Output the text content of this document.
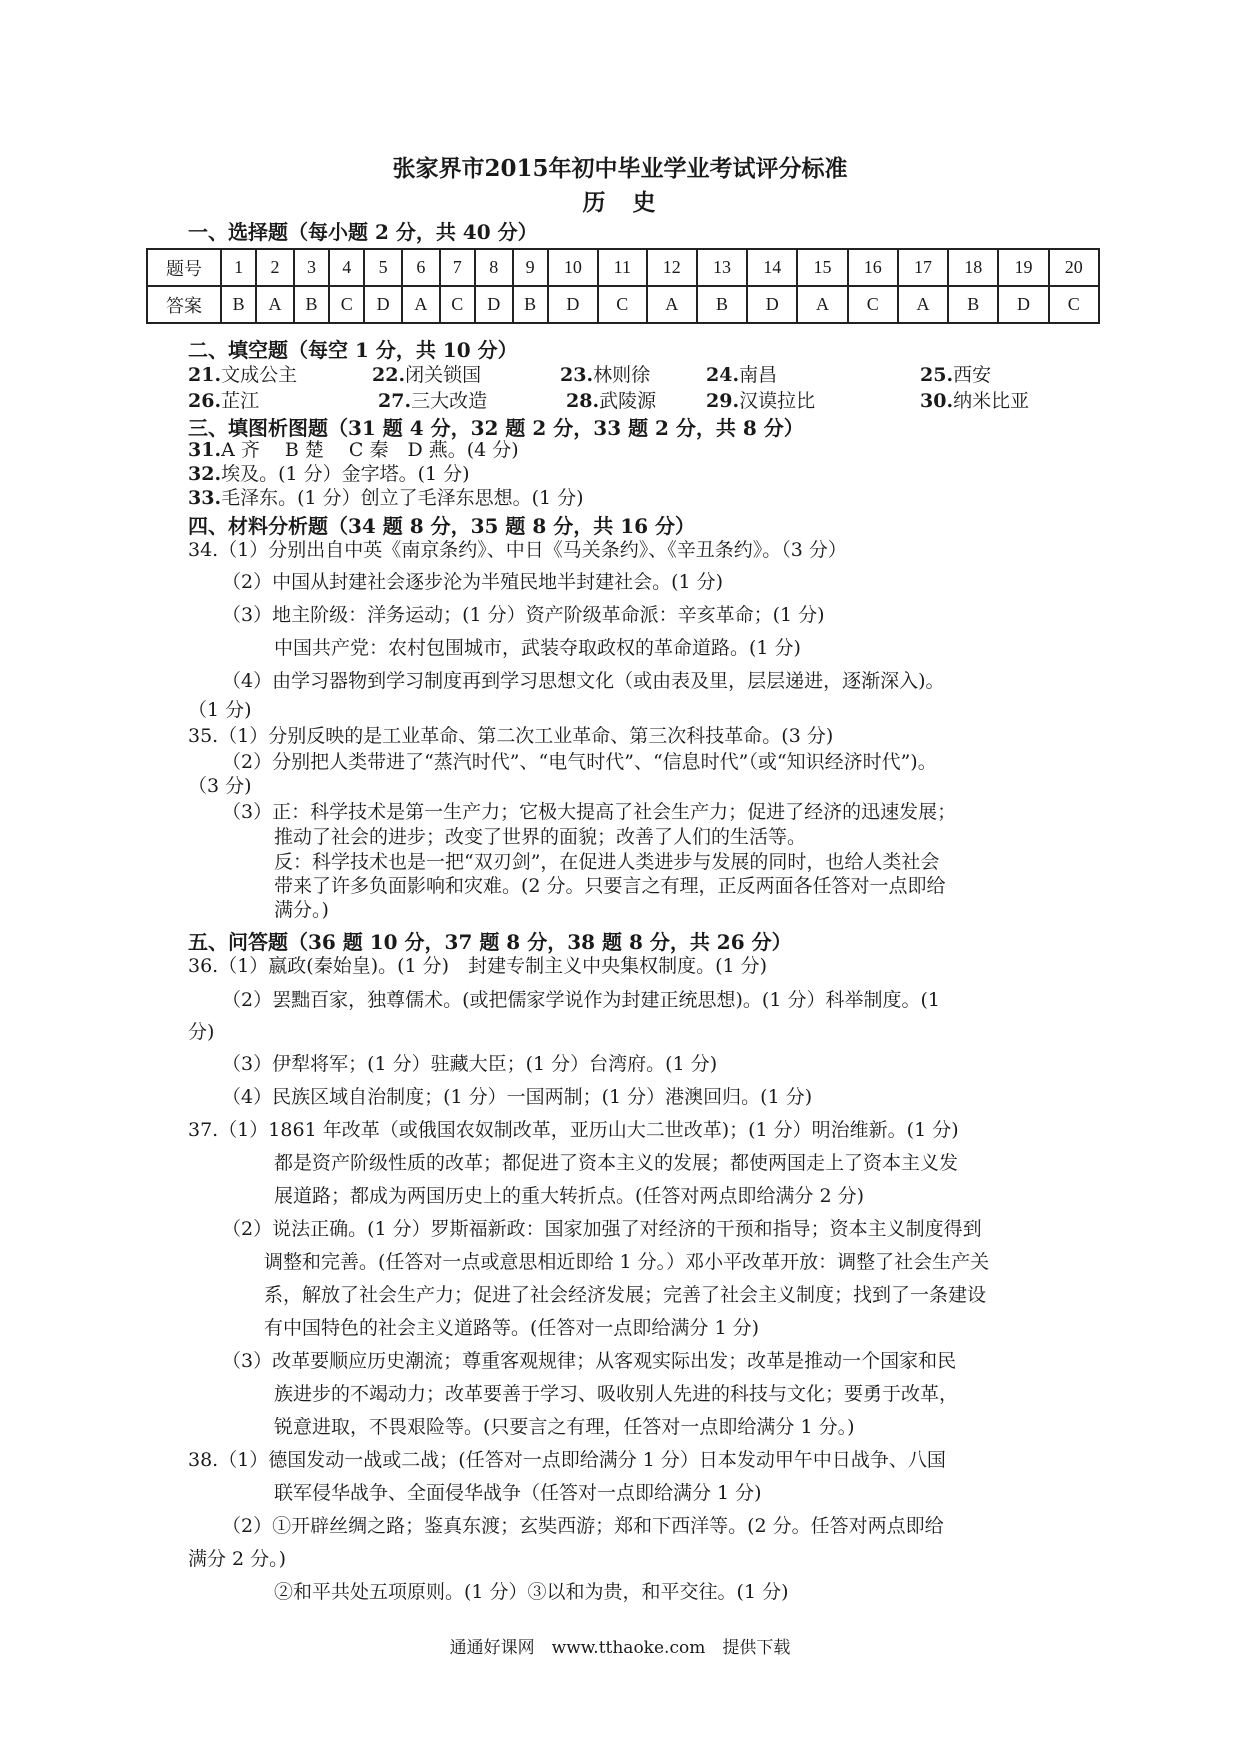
张家界市2015年初中毕业学业考试评分标准
历　史
一、选择题（每小题 2 分，共 40 分）
题号	1	2	3	4	5	6	7	8	9	10	11	12	13	14	15	16	17	18	19	20
答案	B	A	B	C	D	A	C	D	B	D	C	A	B	D	A	C	A	B	D	C
二、填空题（每空 1 分，共 10 分）
21.文成公主	22.闭关锁国	23.林则徐	24.南昌	25.西安
26.芷江	27.三大改造	28.武陵源	29.汉谟拉比	30.纳米比亚
三、填图析图题（31 题 4 分，32 题 2 分，33 题 2 分，共 8 分）
31.A 齐　 B 楚　 C 秦　D 燕。(4 分)
32.埃及。(1 分）金字塔。(1 分)
33.毛泽东。(1 分）创立了毛泽东思想。(1 分)
四、材料分析题（34 题 8 分，35 题 8 分，共 16 分）
34.（1）分别出自中英《南京条约》、中日《马关条约》、《辛丑条约》。（3 分）
（2）中国从封建社会逐步沦为半殖民地半封建社会。(1 分)
（3）地主阶级：洋务运动；(1 分）资产阶级革命派：辛亥革命；(1 分)
中国共产党：农村包围城市，武装夺取政权的革命道路。(1 分)
（4）由学习器物到学习制度再到学习思想文化（或由表及里，层层递进，逐渐深入)。
（1 分)
35.（1）分别反映的是工业革命、第二次工业革命、第三次科技革命。(3 分)
（2）分别把人类带进了“蒸汽时代”、“电气时代”、“信息时代”（或“知识经济时代”)。
（3 分)
（3）正：科学技术是第一生产力；它极大提高了社会生产力；促进了经济的迅速发展；
推动了社会的进步；改变了世界的面貌；改善了人们的生活等。
反：科学技术也是一把“双刃剑”，在促进人类进步与发展的同时，也给人类社会
带来了许多负面影响和灾难。(2 分。只要言之有理，正反两面各任答对一点即给
满分。)
五、问答题（36 题 10 分，37 题 8 分，38 题 8 分，共 26 分）
36.（1）嬴政(秦始皇)。(1 分)　封建专制主义中央集权制度。(1 分)
（2）罢黜百家，独尊儒术。(或把儒家学说作为封建正统思想)。(1 分）科举制度。(1
分)
（3）伊犁将军；(1 分）驻藏大臣；(1 分）台湾府。(1 分)
（4）民族区域自治制度；(1 分）一国两制；(1 分）港澳回归。(1 分)
37.（1）1861 年改革（或俄国农奴制改革，亚历山大二世改革)；(1 分）明治维新。(1 分)
都是资产阶级性质的改革；都促进了资本主义的发展；都使两国走上了资本主义发
展道路；都成为两国历史上的重大转折点。(任答对两点即给满分 2 分)
（2）说法正确。(1 分）罗斯福新政：国家加强了对经济的干预和指导；资本主义制度得到
调整和完善。(任答对一点或意思相近即给 1 分。）邓小平改革开放：调整了社会生产关
系，解放了社会生产力；促进了社会经济发展；完善了社会主义制度；找到了一条建设
有中国特色的社会主义道路等。(任答对一点即给满分 1 分)
（3）改革要顺应历史潮流；尊重客观规律；从客观实际出发；改革是推动一个国家和民
族进步的不竭动力；改革要善于学习、吸收别人先进的科技与文化；要勇于改革，
锐意进取，不畏艰险等。(只要言之有理，任答对一点即给满分 1 分。)
38.（1）德国发动一战或二战；(任答对一点即给满分 1 分）日本发动甲午中日战争、八国
联军侵华战争、全面侵华战争（任答对一点即给满分 1 分)
（2）①开辟丝绸之路；鉴真东渡；玄奘西游；郑和下西洋等。(2 分。任答对两点即给
满分 2 分。)
②和平共处五项原则。(1 分）③以和为贵，和平交往。(1 分)
通通好课网　www.tthaoke.com　提供下载
